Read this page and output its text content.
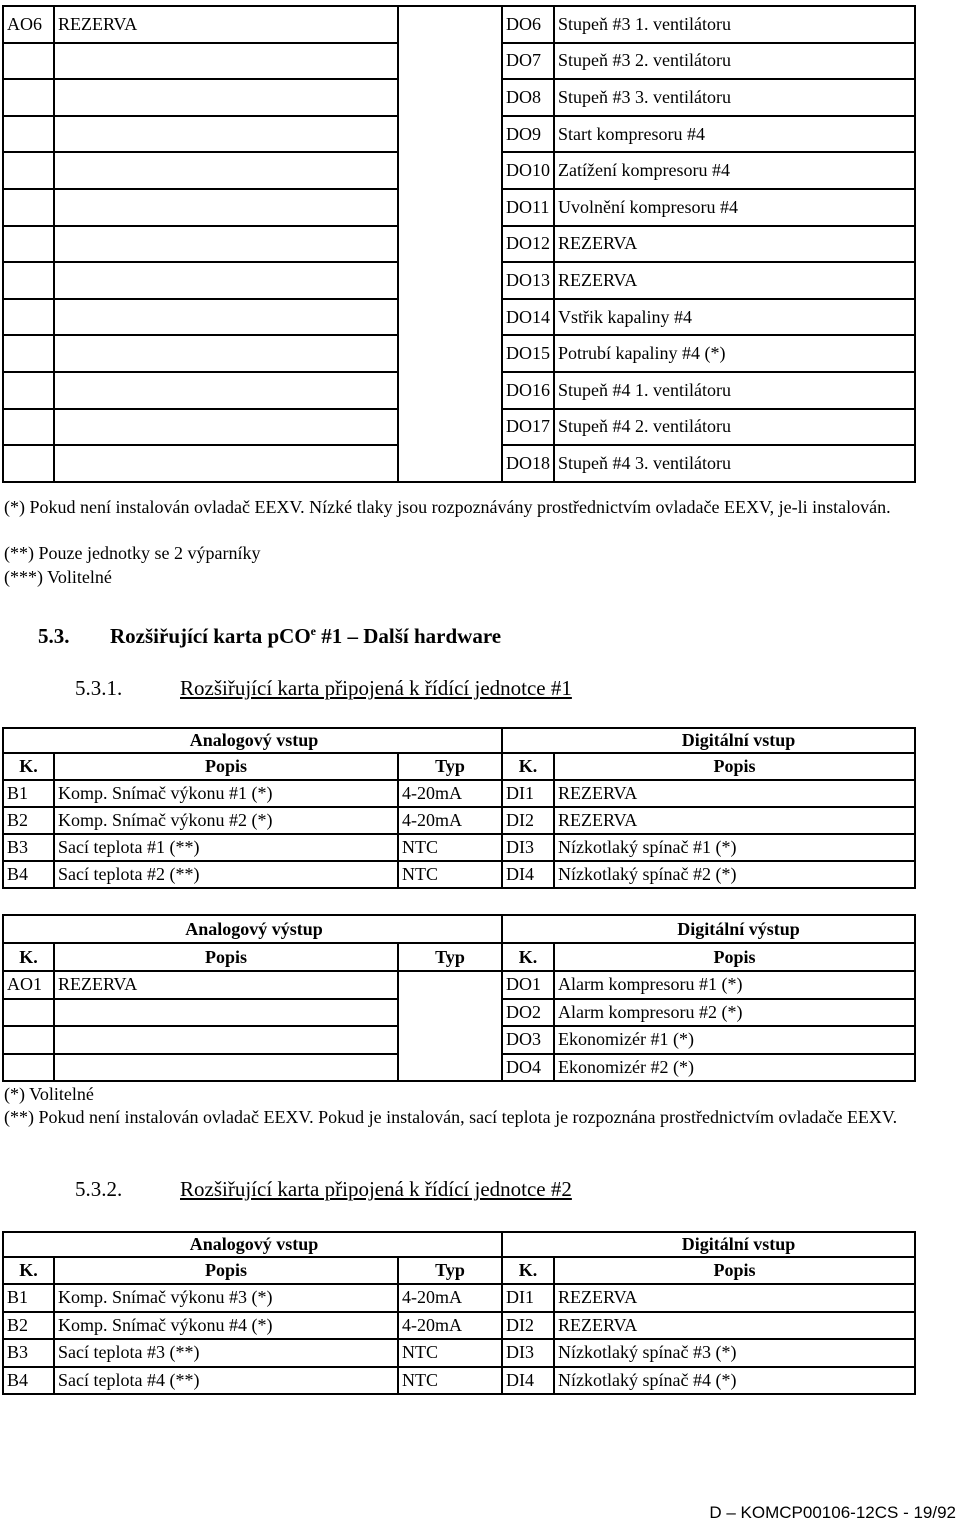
AO6	REZERVA		DO6	Stupeň #3 1. ventilátoru
			DO7	Stupeň #3 2. ventilátoru
			DO8	Stupeň #3 3. ventilátoru
			DO9	Start kompresoru #4
			DO10	Zatížení kompresoru #4
			DO11	Uvolnění kompresoru #4
			DO12	REZERVA
			DO13	REZERVA
			DO14	Vstřik kapaliny #4
			DO15	Potrubí kapaliny #4 (*)
			DO16	Stupeň #4 1. ventilátoru
			DO17	Stupeň #4 2. ventilátoru
			DO18	Stupeň #4 3. ventilátoru
(*) Pokud není instalován ovladač EEXV. Nízké tlaky jsou rozpoznávány prostřednictvím ovladače EEXV, je-li instalován.
(**) Pouze jednotky se 2 výparníky
(***) Volitelné
5.3. Rozšiřující karta pCO$^e$ #1 – Další hardware
5.3.1.	Rozšiřující karta připojená k řídící jednotce #1
Analogový vstup			Digitální vstup	
K.	Popis	Typ	K.	Popis
B1	Komp. Snímač výkonu #1 (*)	4-20mA	DI1	REZERVA
B2	Komp. Snímač výkonu #2 (*)	4-20mA	DI2	REZERVA
B3	Sací teplota #1 (**)	NTC	DI3	Nízkotlaký spínač #1 (*)
B4	Sací teplota #2 (**)	NTC	DI4	Nízkotlaký spínač #2 (*)
Analogový výstup			Digitální výstup	
K.	Popis	Typ	K.	Popis
AO1	REZERVA		DO1	Alarm kompresoru #1 (*)
			DO2	Alarm kompresoru #2 (*)
			DO3	Ekonomizér #1 (*)
			DO4	Ekonomizér #2 (*)
(*) Volitelné
(**) Pokud není instalován ovladač EEXV. Pokud je instalován, sací teplota je rozpoznána prostřednictvím ovladače EEXV.
5.3.2.	Rozšiřující karta připojená k řídící jednotce #2
Analogový vstup			Digitální vstup	
K.	Popis	Typ	K.	Popis
B1	Komp. Snímač výkonu #3 (*)	4-20mA	DI1	REZERVA
B2	Komp. Snímač výkonu #4 (*)	4-20mA	DI2	REZERVA
B3	Sací teplota #3 (**)	NTC	DI3	Nízkotlaký spínač #3 (*)
B4	Sací teplota #4 (**)	NTC	DI4	Nízkotlaký spínač #4 (*)
D – KOMCP00106-12CS - 19/92
